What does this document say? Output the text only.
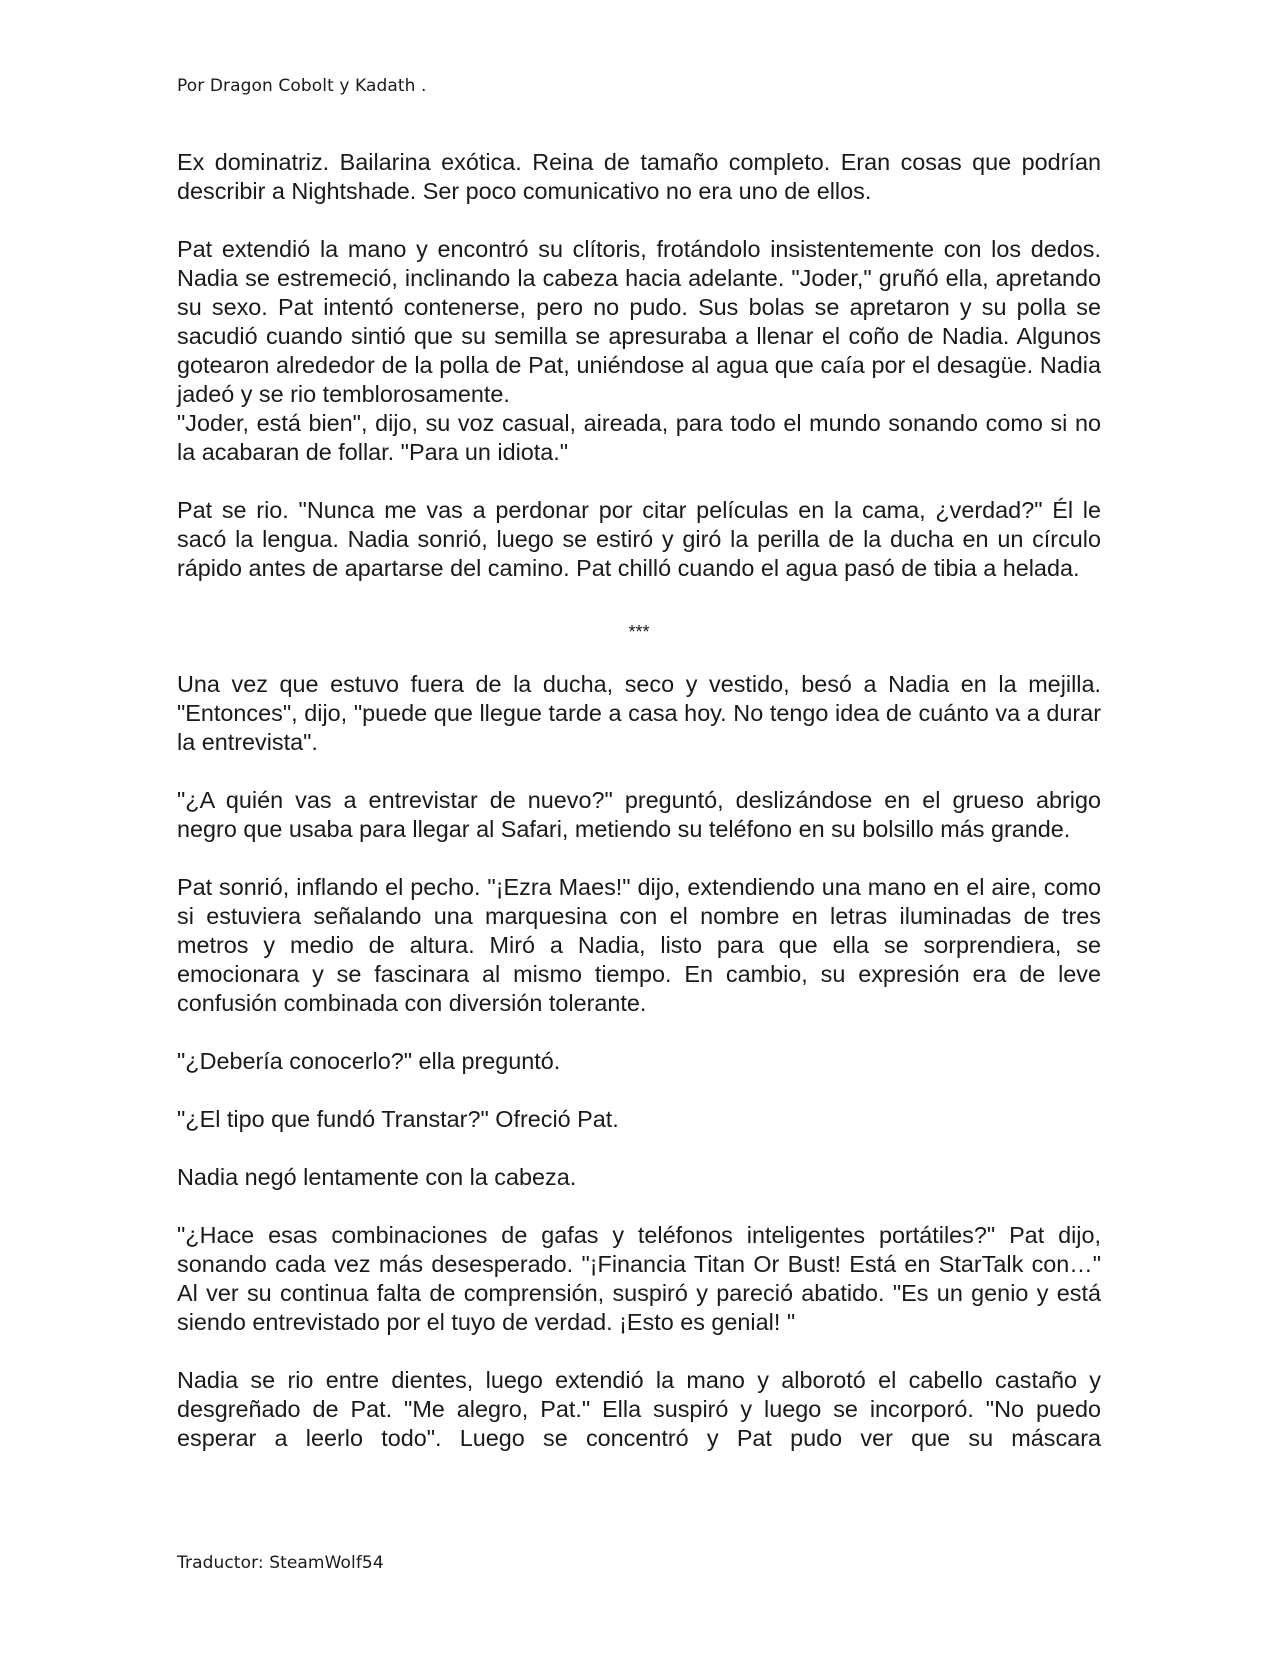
Por Dragon Cobolt y Kadath .

Ex dominatriz. Bailarina exótica. Reina de tamaño completo. Eran cosas que podrían describir a Nightshade. Ser poco comunicativo no era uno de ellos.

Pat extendió la mano y encontró su clítoris, frotándolo insistentemente con los dedos. Nadia se estremeció, inclinando la cabeza hacia adelante. "Joder," gruñó ella, apretando su sexo. Pat intentó contenerse, pero no pudo. Sus bolas se apretaron y su polla se sacudió cuando sintió que su semilla se apresuraba a llenar el coño de Nadia. Algunos gotearon alrededor de la polla de Pat, uniéndose al agua que caía por el desagüe. Nadia jadeó y se rio temblorosamente.

"Joder, está bien", dijo, su voz casual, aireada, para todo el mundo sonando como si no la acabaran de follar. "Para un idiota."

Pat se rio. "Nunca me vas a perdonar por citar películas en la cama, ¿verdad?" Él le sacó la lengua. Nadia sonrió, luego se estiró y giró la perilla de la ducha en un círculo rápido antes de apartarse del camino. Pat chilló cuando el agua pasó de tibia a helada.

***

Una vez que estuvo fuera de la ducha, seco y vestido, besó a Nadia en la mejilla. "Entonces", dijo, "puede que llegue tarde a casa hoy. No tengo idea de cuánto va a durar la entrevista".

"¿A quién vas a entrevistar de nuevo?" preguntó, deslizándose en el grueso abrigo negro que usaba para llegar al Safari, metiendo su teléfono en su bolsillo más grande.

Pat sonrió, inflando el pecho. "¡Ezra Maes!" dijo, extendiendo una mano en el aire, como si estuviera señalando una marquesina con el nombre en letras iluminadas de tres metros y medio de altura. Miró a Nadia, listo para que ella se sorprendiera, se emocionara y se fascinara al mismo tiempo. En cambio, su expresión era de leve confusión combinada con diversión tolerante.

"¿Debería conocerlo?" ella preguntó.

"¿El tipo que fundó Transtar?" Ofreció Pat.

Nadia negó lentamente con la cabeza.

"¿Hace esas combinaciones de gafas y teléfonos inteligentes portátiles?" Pat dijo, sonando cada vez más desesperado. "¡Financia Titan Or Bust! Está en StarTalk con…" Al ver su continua falta de comprensión, suspiró y pareció abatido. "Es un genio y está siendo entrevistado por el tuyo de verdad. ¡Esto es genial! "

Nadia se rio entre dientes, luego extendió la mano y alborotó el cabello castaño y desgreñado de Pat. "Me alegro, Pat." Ella suspiró y luego se incorporó. "No puedo esperar a leerlo todo". Luego se concentró y Pat pudo ver que su máscara

Traductor: SteamWolf54
